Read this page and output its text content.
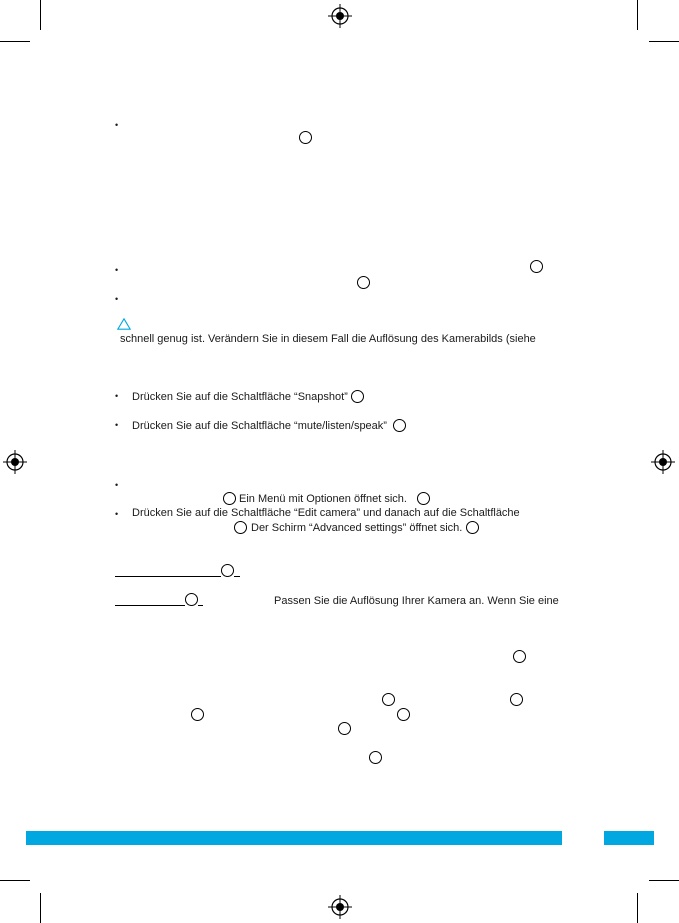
•
•
•
•
•
•
•
schnell genug ist. Verändern Sie in diesem Fall die Auflösung des Kamerabilds (siehe
Drücken Sie auf die Schaltfläche “Snapshot”
Drücken Sie auf die Schaltfläche “mute/listen/speak”
Ein Menü mit Optionen öffnet sich.
Drücken Sie auf die Schaltfläche “Edit camera” und danach auf die Schaltfläche
Der Schirm “Advanced settings” öffnet sich.
Passen Sie die Auflösung Ihrer Kamera an. Wenn Sie eine
